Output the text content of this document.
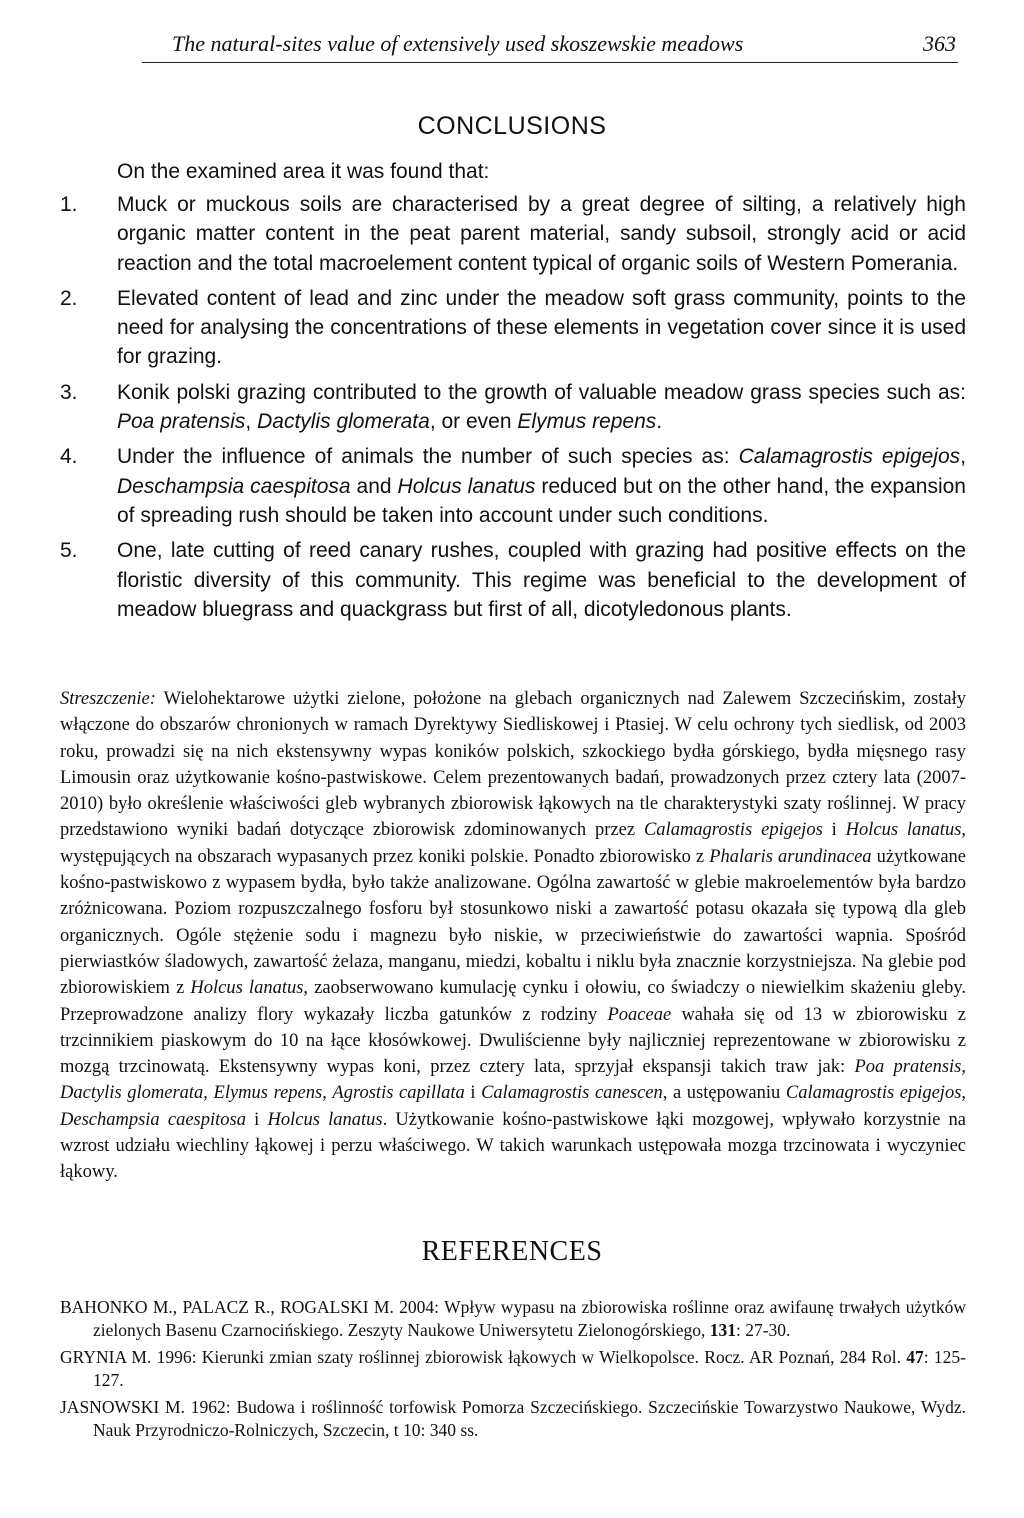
The natural-sites value of extensively used skoszewskie meadows	363

CONCLUSIONS
On the examined area it was found that:
1. Muck or muckous soils are characterised by a great degree of silting, a relatively high organic matter content in the peat parent material, sandy subsoil, strongly acid or acid reaction and the total macroelement content typical of organic soils of Western Pomerania.
2. Elevated content of lead and zinc under the meadow soft grass community, points to the need for analysing the concentrations of these elements in vegetation cover since it is used for grazing.
3. Konik polski grazing contributed to the growth of valuable meadow grass species such as: Poa pratensis, Dactylis glomerata, or even Elymus repens.
4. Under the influence of animals the number of such species as: Calamagrostis epigejos, Deschampsia caespitosa and Holcus lanatus reduced but on the other hand, the expansion of spreading rush should be taken into account under such conditions.
5. One, late cutting of reed canary rushes, coupled with grazing had positive effects on the floristic diversity of this community. This regime was beneficial to the development of meadow bluegrass and quackgrass but first of all, dicotyledonous plants.
Streszczenie: Wielohektarowe użytki zielone, położone na glebach organicznych nad Zalewem Szczecińskim, zostały włączone do obszarów chronionych w ramach Dyrektywy Siedliskowej i Ptasiej. W celu ochrony tych siedlisk, od 2003 roku, prowadzi się na nich ekstensywny wypas koników polskich, szkockiego bydła górskiego, bydła mięsnego rasy Limousin oraz użytkowanie kośno-pastwiskowe. Celem prezentowanych badań, prowadzonych przez cztery lata (2007-2010) było określenie właściwości gleb wybranych zbiorowisk łąkowych na tle charakterystyki szaty roślinnej. W pracy przedstawiono wyniki badań dotyczące zbiorowisk zdominowanych przez Calamagrostis epigejos i Holcus lanatus, występujących na obszarach wypasanych przez koniki polskie. Ponadto zbiorowisko z Phalaris arundinacea użytkowane kośno-pastwiskowo z wypasem bydła, było także analizowane. Ogólna zawartość w glebie makroelementów była bardzo zróżnicowana. Poziom rozpuszczalnego fosforu był stosunkowo niski a zawartość potasu okazała się typową dla gleb organicznych. Ogóle stężenie sodu i magnezu było niskie, w przeciwieństwie do zawartości wapnia. Spośród pierwiastków śladowych, zawartość żelaza, manganu, miedzi, kobaltu i niklu była znacznie korzystniejsza. Na glebie pod zbiorowiskiem z Holcus lanatus, zaobserwowano kumulację cynku i ołowiu, co świadczy o niewielkim skażeniu gleby. Przeprowadzone analizy flory wykazały liczba gatunków z rodziny Poaceae wahała się od 13 w zbiorowisku z trzcinnikiem piaskowym do 10 na łące kłosówkowej. Dwuliścienne były najliczniej reprezentowane w zbiorowisku z mozgą trzcinowatą. Ekstensywny wypas koni, przez cztery lata, sprzyjał ekspansji takich traw jak: Poa pratensis, Dactylis glomerata, Elymus repens, Agrostis capillata i Calamagrostis canescen, a ustępowaniu Calamagrostis epigejos, Deschampsia caespitosa i Holcus lanatus. Użytkowanie kośno-pastwiskowe łąki mozgowej, wpływało korzystnie na wzrost udziału wiechliny łąkowej i perzu właściwego. W takich warunkach ustępowała mozga trzcinowata i wyczyniec łąkowy.
REFERENCES
BAHONKO M., PALACZ R., ROGALSKI M. 2004: Wpływ wypasu na zbiorowiska roślinne oraz awifaunę trwałych użytków zielonych Basenu Czarnocińskiego. Zeszyty Naukowe Uniwersytetu Zielonogórskiego, 131: 27-30.
GRYNIA M. 1996: Kierunki zmian szaty roślinnej zbiorowisk łąkowych w Wielkopolsce. Rocz. AR Poznań, 284 Rol. 47: 125-127.
JASNOWSKI M. 1962: Budowa i roślinność torfowisk Pomorza Szczecińskiego. Szczecińskie Towarzystwo Naukowe, Wydz. Nauk Przyrodniczo-Rolniczych, Szczecin, t 10: 340 ss.
